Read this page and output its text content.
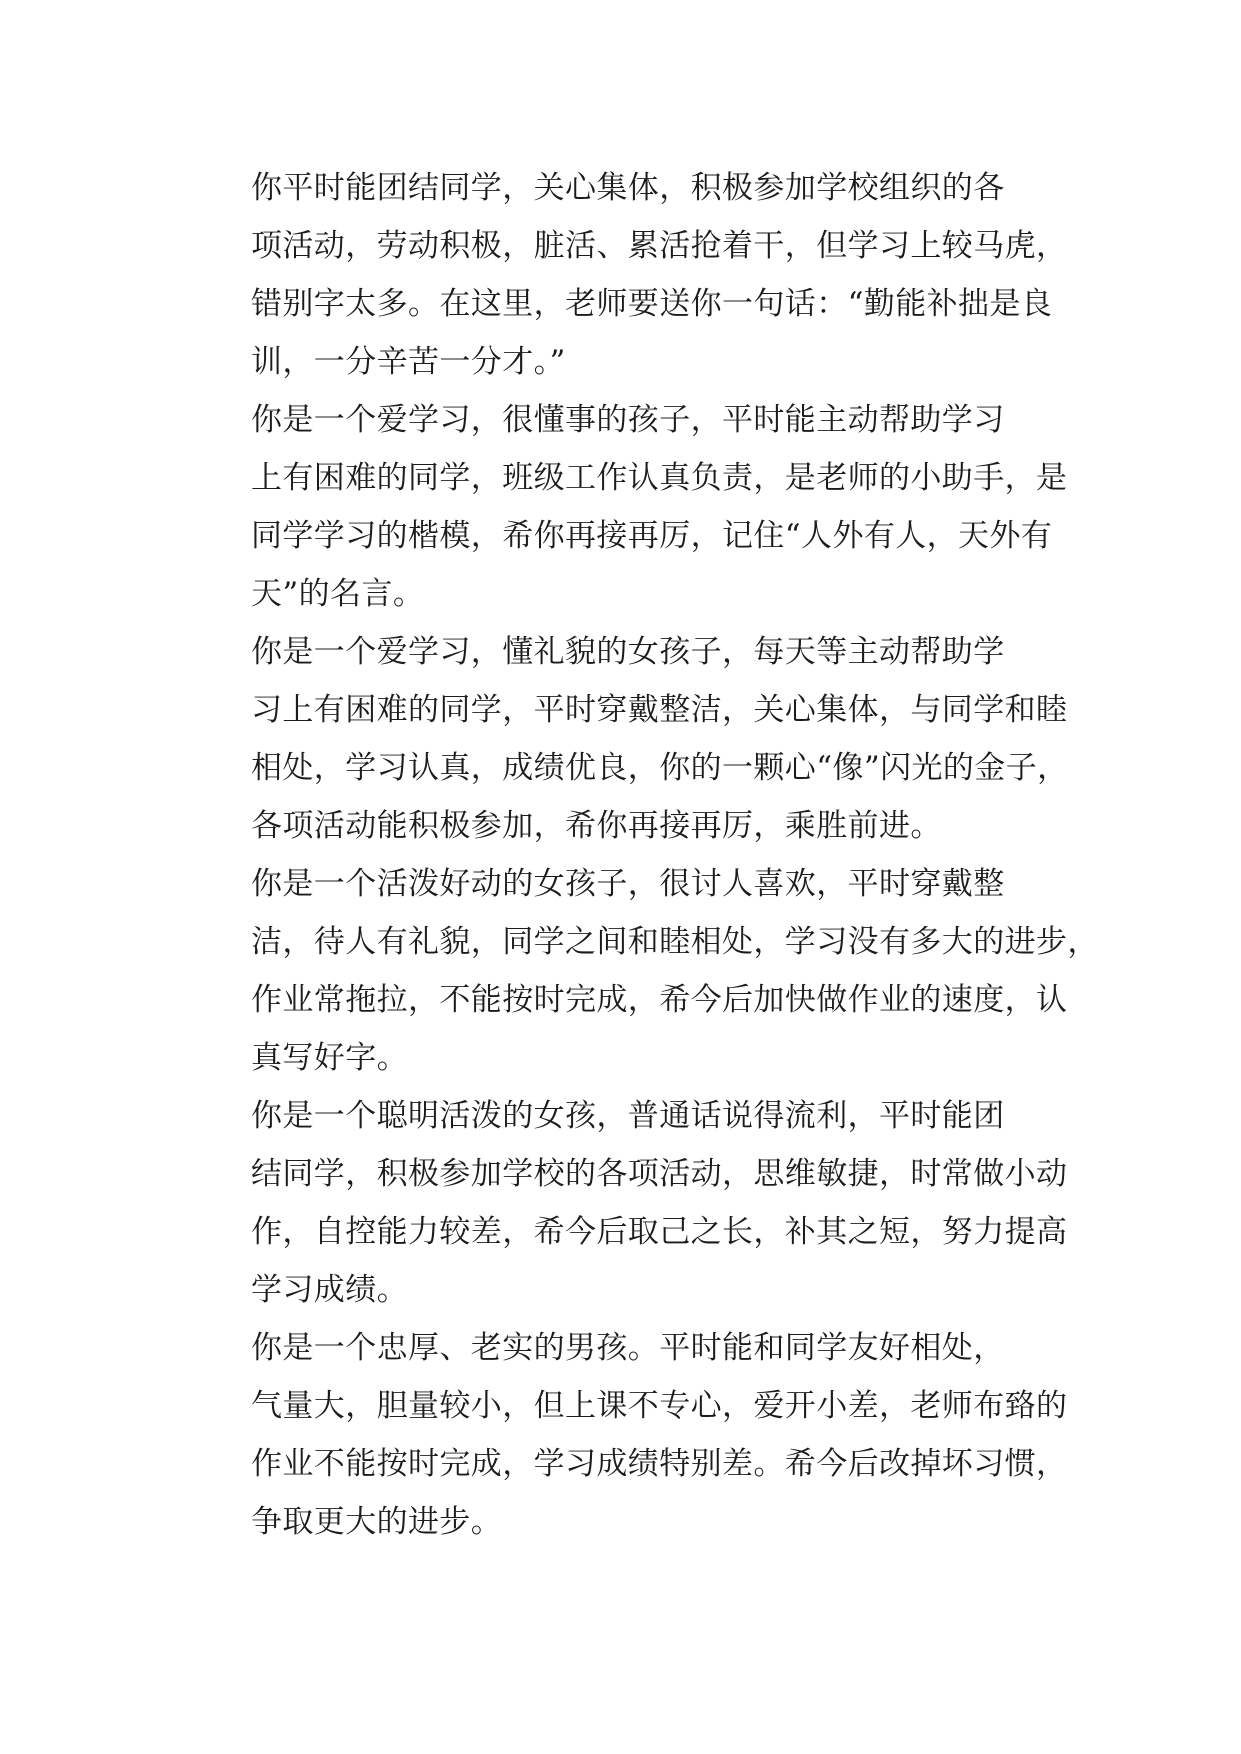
你平时能团结同学，关心集体，积极参加学校组织的各
项活动，劳动积极，脏活、累活抢着干，但学习上较马虎，
错别字太多。在这里，老师要送你一句话：“勤能补拙是良
训，一分辛苦一分才。”

你是一个爱学习，很懂事的孩子，平时能主动帮助学习
上有困难的同学，班级工作认真负责，是老师的小助手，是
同学学习的楷模，希你再接再厉，记住“人外有人，天外有
天”的名言。

你是一个爱学习，懂礼貌的女孩子，每天等主动帮助学
习上有困难的同学，平时穿戴整洁，关心集体，与同学和睦
相处，学习认真，成绩优良，你的一颗心“像”闪光的金子，
各项活动能积极参加，希你再接再厉，乘胜前进。

你是一个活泼好动的女孩子，很讨人喜欢，平时穿戴整
洁，待人有礼貌，同学之间和睦相处，学习没有多大的进步，
作业常拖拉，不能按时完成，希今后加快做作业的速度，认
真写好字。

你是一个聪明活泼的女孩，普通话说得流利，平时能团
结同学，积极参加学校的各项活动，思维敏捷，时常做小动
作，自控能力较差，希今后取己之长，补其之短，努力提高
学习成绩。

你是一个忠厚、老实的男孩。平时能和同学友好相处，
气量大，胆量较小，但上课不专心，爱开小差，老师布臵的
作业不能按时完成，学习成绩特别差。希今后改掉坏习惯，
争取更大的进步。
